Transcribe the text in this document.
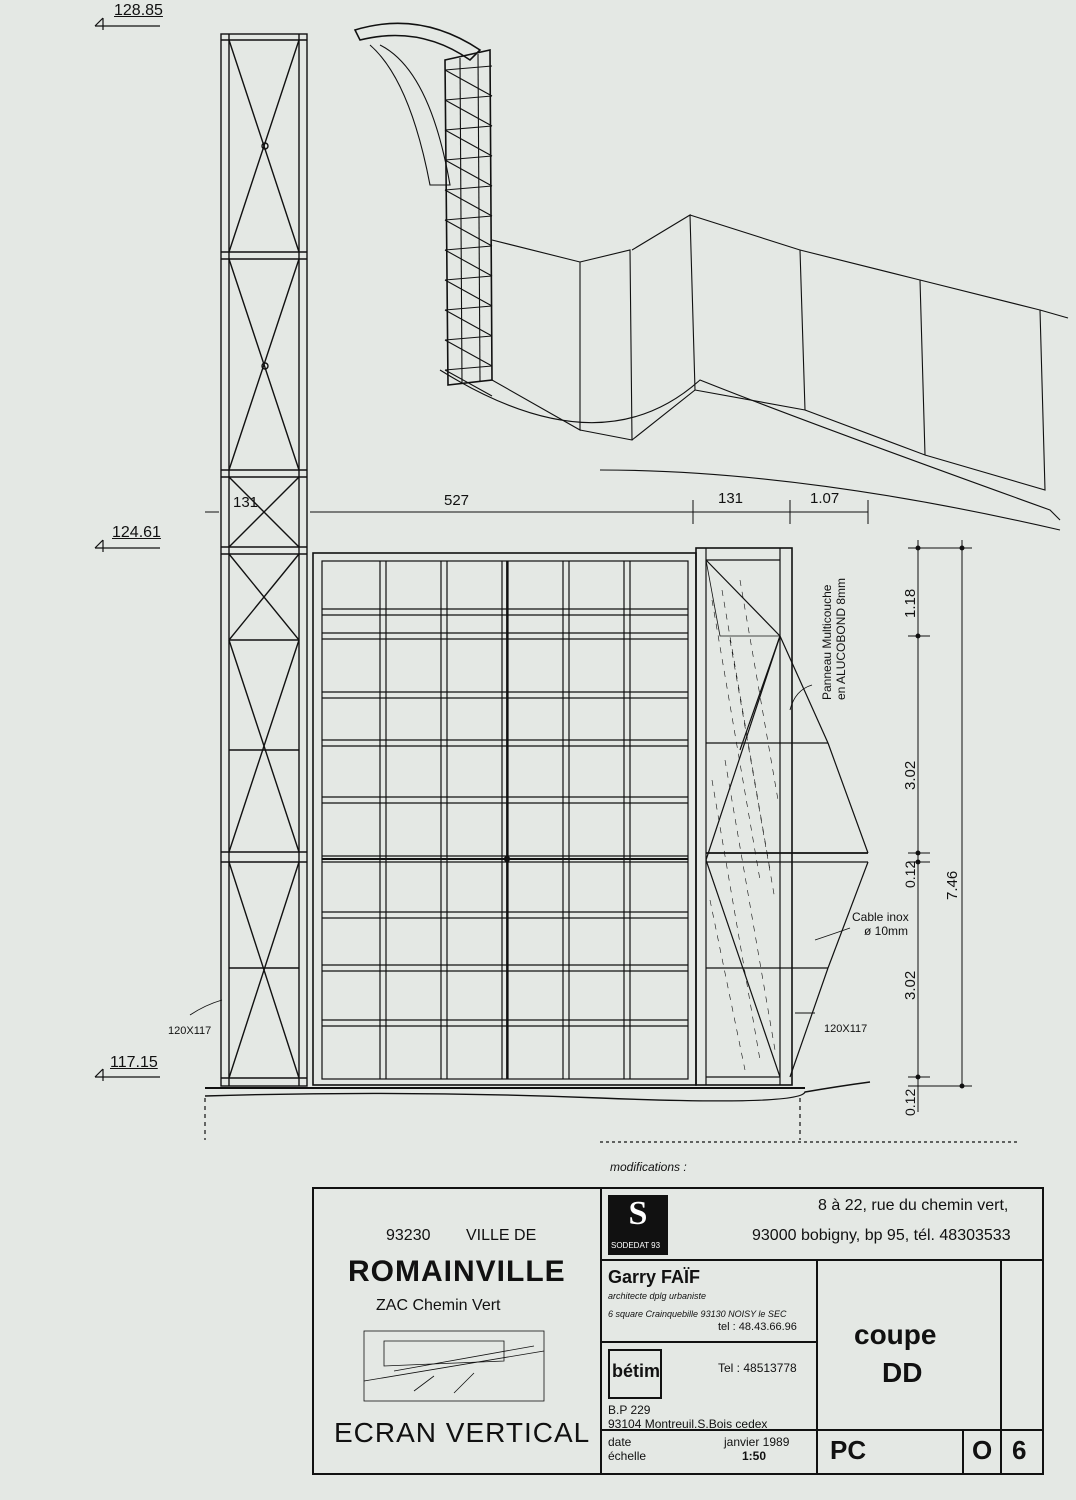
128.85
124.61
117.15
131	527	131	1.07
1.18
3.02
0.12
3.02
0.12
7.46
Panneau Multicouche en ALUCOBOND 8mm
Cable inox
ø 10mm
120X117	120X117
modifications :
93230 VILLE DE
ROMAINVILLE
ZAC Chemin Vert
ECRAN VERTICAL
S
SODEDAT 93
8 à 22, rue du chemin vert,
93000 bobigny, bp 95, tél. 48303533
Garry FAÏF
architecte dplg urbaniste
6 square Crainquebille 93130 NOISY le SEC
tel : 48.43.66.96
bétim	Tel : 48513778
B.P 229
93104 Montreuil.S.Bois cedex
coupe
DD
date
échelle
janvier 1989
1:50 PC	O 6
